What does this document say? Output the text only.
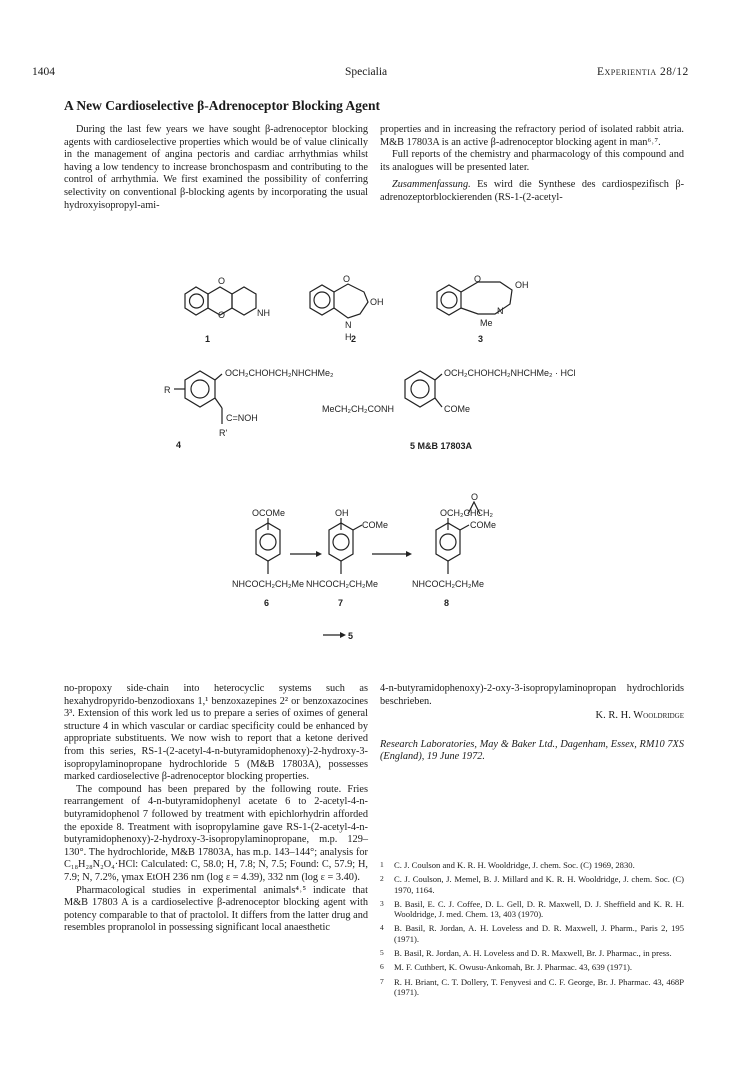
1404	Specialia	Experientia 28/12
A New Cardioselective β-Adrenoceptor Blocking Agent

During the last few years we have sought β-adrenoceptor blocking agents with cardioselective properties which would be of value clinically in the management of angina pectoris and cardiac arrhythmias whilst having a low tendency to increase bronchospasm and contributing to the control of arrhythmia. We first examined the possibility of conferring selectivity on conventional β-blocking agents by incorporating the usual hydroxyisopropyl-ami-

properties and in increasing the refractory period of isolated rabbit atria. M&B 17803A is an active β-adrenoceptor blocking agent in man⁶˒⁷.

Full reports of the chemistry and pharmacology of this compound and its analogues will be presented later.

Zusammenfassung. Es wird die Synthese des cardiospezifisch β-adrenozeptorblockierenden (RS-1-(2-acetyl-

O
O	NH
1
O
OH
N
H 2
O
OH
N
Me
3
OCH₂CHOHCH₂NHCHMe₂
R
C=NOH
R'
4
OCH₂CHOHCH₂NHCHMe₂ · HCl
MeCH₂CH₂CONH	COMe
5 M&B 17803A
OCOMe
NHCOCH₂CH₂Me
6
OH
COMe
NHCOCH₂CH₂Me
7
O
OCH₂CHCH₂
COMe
NHCOCH₂CH₂Me
8
5

no-propoxy side-chain into heterocyclic systems such as hexahydropyrido-benzodioxans 1,¹ benzoxazepines 2² or benzoxazocines 3³. Extension of this work led us to prepare a series of oximes of general structure 4 in which vascular or cardiac specificity could be enhanced by appropriate substituents. We now wish to report that a ketone derived from this series, RS-1-(2-acetyl-4-n-butyramidophenoxy)-2-hydroxy-3-isopropylaminopropane hydrochloride 5 (M&B 17803A), possesses marked cardioselective β-adrenoceptor blocking properties.

The compound has been prepared by the following route. Fries rearrangement of 4-n-butyramidophenyl acetate 6 to 2-acetyl-4-n-butyramidophenol 7 followed by treatment with epichlorhydrin afforded the epoxide 8. Treatment with isopropylamine gave RS-1-(2-acetyl-4-n-butyramidophenoxy)-2-hydroxy-3-isopropylaminopropane, m.p. 129–130°. The hydrochloride, M&B 17803A, has m.p. 143–144°; analysis for C₁₈H₂₈N₂O₄·HCl: Calculated: C, 58.0; H, 7.8; N, 7.5; Found: C, 57.9; H, 7.9; N, 7.2%, γmax EtOH 236 nm (log ε = 4.39), 332 nm (log ε = 3.40).

Pharmacological studies in experimental animals⁴˒⁵ indicate that M&B 17803 A is a cardioselective β-adrenoceptor blocking agent with potency comparable to that of practolol. It differs from the latter drug and resembles propranolol in possessing significant local anaesthetic

4-n-butyramidophenoxy)-2-oxy-3-isopropylaminopropan hydrochlorids beschrieben.

K. R. H. Wooldridge
Research Laboratories, May & Baker Ltd., Dagenham, Essex, RM10 7XS (England), 19 June 1972.
1 C. J. Coulson and K. R. H. Wooldridge, J. chem. Soc. (C) 1969, 2830.
2 C. J. Coulson, J. Memel, B. J. Millard and K. R. H. Wooldridge, J. chem. Soc. (C) 1970, 1164.
3 B. Basil, E. C. J. Coffee, D. L. Gell, D. R. Maxwell, D. J. Sheffield and K. R. H. Wooldridge, J. med. Chem. 13, 403 (1970).
4 B. Basil, R. Jordan, A. H. Loveless and D. R. Maxwell, J. Pharm., Paris 2, 195 (1971).
5 B. Basil, R. Jordan, A. H. Loveless and D. R. Maxwell, Br. J. Pharmac., in press.
6 M. F. Cuthbert, K. Owusu-Ankomah, Br. J. Pharmac. 43, 639 (1971).
7 R. H. Briant, C. T. Dollery, T. Fenyvesi and C. F. George, Br. J. Pharmac. 43, 468P (1971).
